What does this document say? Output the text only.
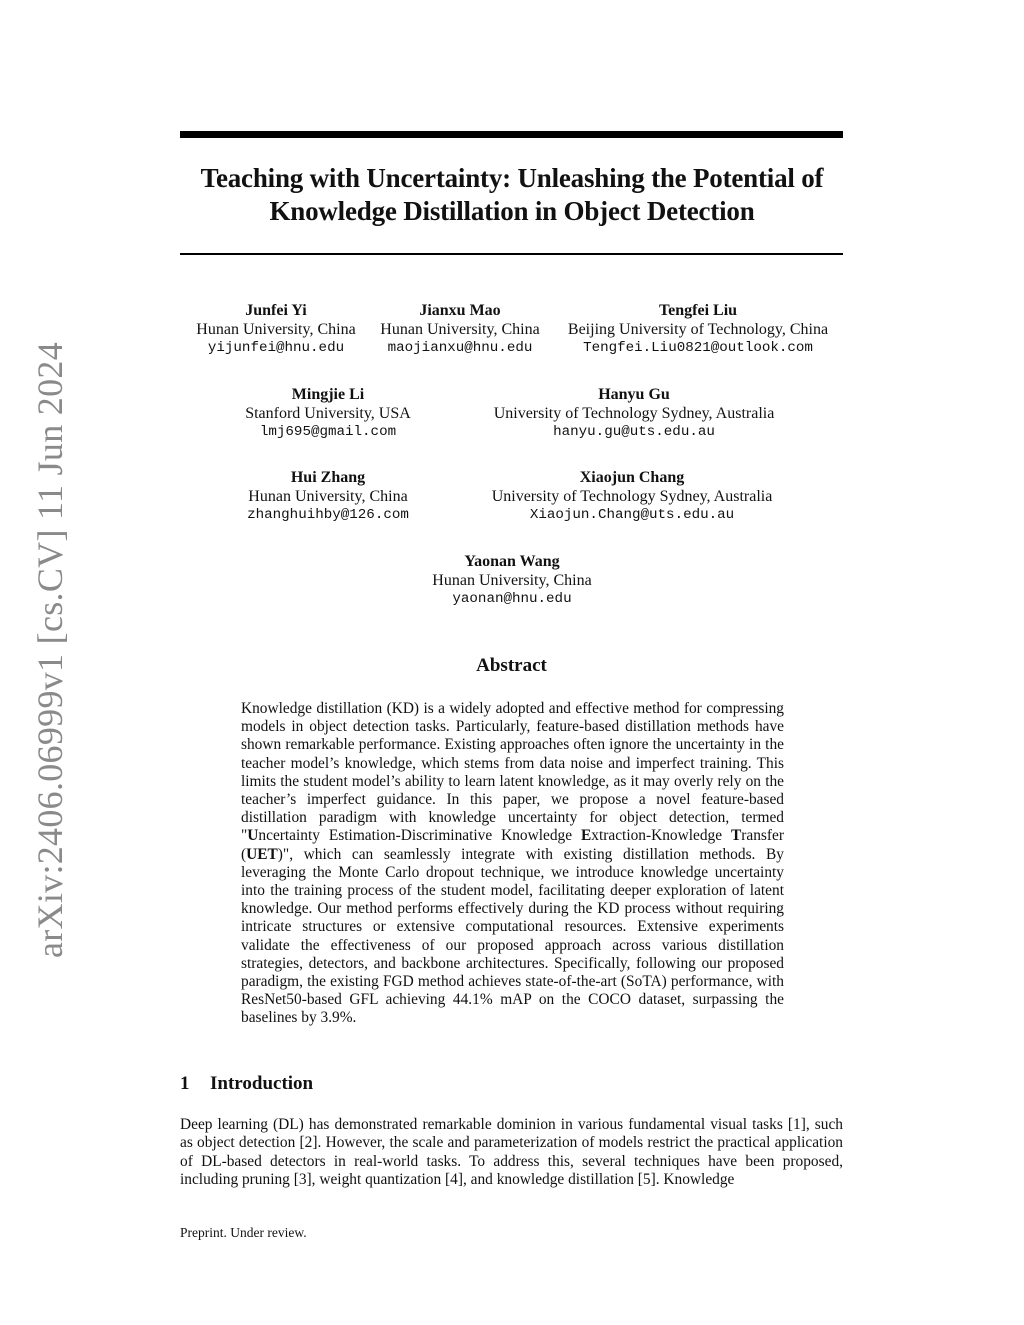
arXiv:2406.06999v1 [cs.CV] 11 Jun 2024
Teaching with Uncertainty: Unleashing the Potential of
Knowledge Distillation in Object Detection
Junfei Yi
Hunan University, China
yijunfei@hnu.edu
Jianxu Mao
Hunan University, China
maojianxu@hnu.edu
Tengfei Liu
Beijing University of Technology, China
Tengfei.Liu0821@outlook.com
Mingjie Li
Stanford University, USA
lmj695@gmail.com
Hanyu Gu
University of Technology Sydney, Australia
hanyu.gu@uts.edu.au
Hui Zhang
Hunan University, China
zhanghuihby@126.com
Xiaojun Chang
University of Technology Sydney, Australia
Xiaojun.Chang@uts.edu.au
Yaonan Wang
Hunan University, China
yaonan@hnu.edu
Abstract
Knowledge distillation (KD) is a widely adopted and effective method for compressing models in object detection tasks. Particularly, feature-based distillation methods have shown remarkable performance. Existing approaches often ignore the uncertainty in the teacher model’s knowledge, which stems from data noise and imperfect training. This limits the student model’s ability to learn latent knowledge, as it may overly rely on the teacher’s imperfect guidance. In this paper, we propose a novel feature-based distillation paradigm with knowledge uncertainty for object detection, termed "Uncertainty Estimation-Discriminative Knowledge Extraction-Knowledge Transfer (UET)", which can seamlessly integrate with existing distillation methods. By leveraging the Monte Carlo dropout technique, we introduce knowledge uncertainty into the training process of the student model, facilitating deeper exploration of latent knowledge. Our method performs effectively during the KD process without requiring intricate structures or extensive computational resources. Extensive experiments validate the effectiveness of our proposed approach across various distillation strategies, detectors, and backbone architectures. Specifically, following our proposed paradigm, the existing FGD method achieves state-of-the-art (SoTA) performance, with ResNet50-based GFL achieving 44.1% mAP on the COCO dataset, surpassing the baselines by 3.9%.
1 Introduction
Deep learning (DL) has demonstrated remarkable dominion in various fundamental visual tasks [1], such as object detection [2]. However, the scale and parameterization of models restrict the practical application of DL-based detectors in real-world tasks. To address this, several techniques have been proposed, including pruning [3], weight quantization [4], and knowledge distillation [5]. Knowledge
Preprint. Under review.
